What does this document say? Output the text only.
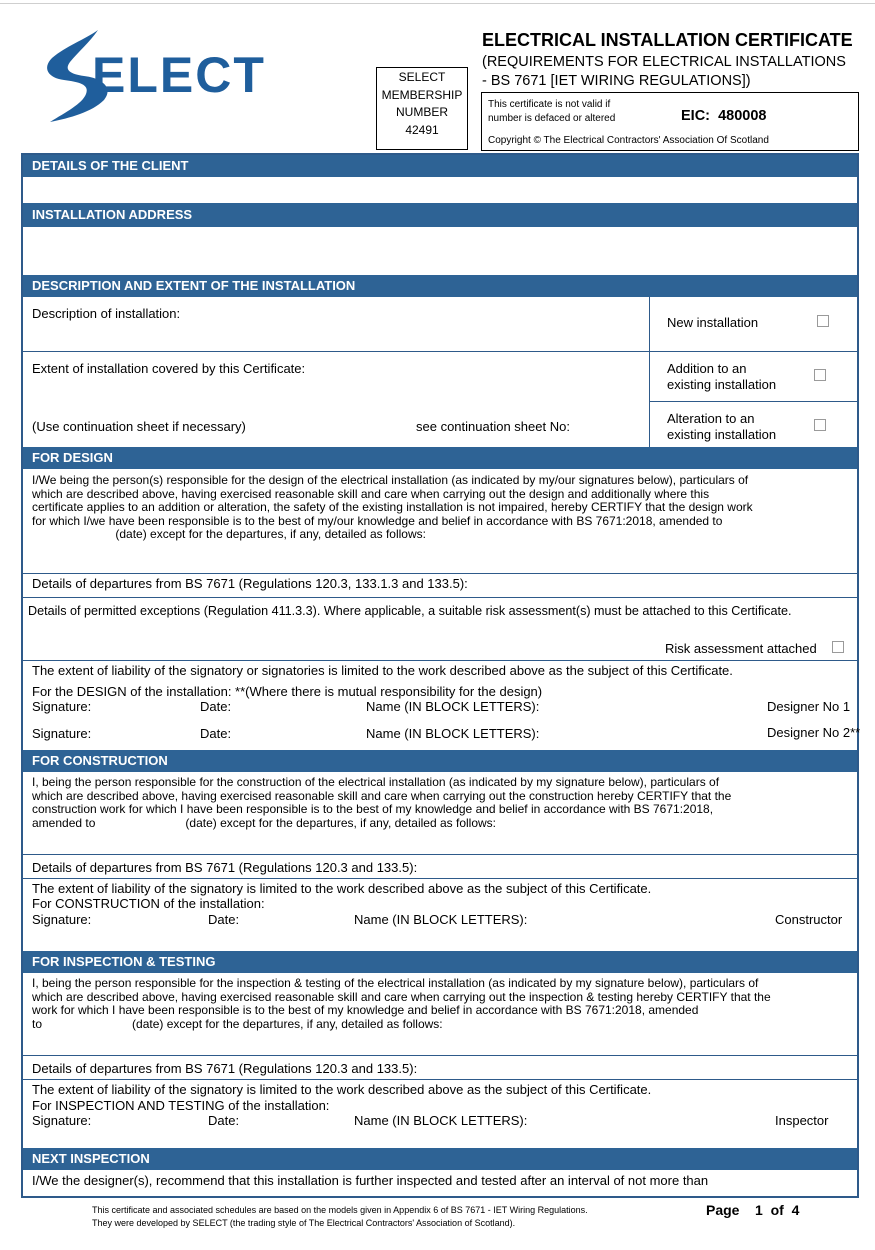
ELECT	SELECT
MEMBERSHIP
NUMBER
42491
ELECTRICAL INSTALLATION CERTIFICATE
(REQUIREMENTS FOR ELECTRICAL INSTALLATIONS
- BS 7671 [IET WIRING REGULATIONS])
This certificate is not valid if number is defaced or altered	EIC: 480008
Copyright © The Electrical Contractors' Association Of Scotland
DETAILS OF THE CLIENT
INSTALLATION ADDRESS
DESCRIPTION AND EXTENT OF THE INSTALLATION
Description of installation:
Extent of installation covered by this Certificate:
(Use continuation sheet if necessary)	see continuation sheet No:
New installation
Addition to an
existing installation
Alteration to an
existing installation
FOR DESIGN
I/We being the person(s) responsible for the design of the electrical installation (as indicated by my/our signatures below), particulars of
which are described above, having exercised reasonable skill and care when carrying out the design and additionally where this
certificate applies to an addition or alteration, the safety of the existing installation is not impaired, hereby CERTIFY that the design work
for which I/we have been responsible is to the best of my/our knowledge and belief in accordance with BS 7671:2018, amended to
(date) except for the departures, if any, detailed as follows:
Details of departures from BS 7671 (Regulations 120.3, 133.1.3 and 133.5):
Details of permitted exceptions (Regulation 411.3.3). Where applicable, a suitable risk assessment(s) must be attached to this Certificate.
Risk assessment attached
The extent of liability of the signatory or signatories is limited to the work described above as the subject of this Certificate.
For the DESIGN of the installation: **(Where there is mutual responsibility for the design)
Signature:	Date:	Name (IN BLOCK LETTERS):	Designer No 1
Signature:	Date:	Name (IN BLOCK LETTERS):	Designer No 2**
FOR CONSTRUCTION
I, being the person responsible for the construction of the electrical installation (as indicated by my signature below), particulars of
which are described above, having exercised reasonable skill and care when carrying out the construction hereby CERTIFY that the
construction work for which I have been responsible is to the best of my knowledge and belief in accordance with BS 7671:2018,
amended to                           (date) except for the departures, if any, detailed as follows:
Details of departures from BS 7671 (Regulations 120.3 and 133.5):
The extent of liability of the signatory is limited to the work described above as the subject of this Certificate.
For CONSTRUCTION of the installation:
Signature:	Date:	Name (IN BLOCK LETTERS):	Constructor
FOR INSPECTION & TESTING
I, being the person responsible for the inspection & testing of the electrical installation (as indicated by my signature below), particulars of
which are described above, having exercised reasonable skill and care when carrying out the inspection & testing hereby CERTIFY that the
work for which I have been responsible is to the best of my knowledge and belief in accordance with BS 7671:2018, amended
to                           (date) except for the departures, if any, detailed as follows:
Details of departures from BS 7671 (Regulations 120.3 and 133.5):
The extent of liability of the signatory is limited to the work described above as the subject of this Certificate.
For INSPECTION AND TESTING of the installation:
Signature:	Date:	Name (IN BLOCK LETTERS):	Inspector
NEXT INSPECTION
I/We the designer(s), recommend that this installation is further inspected and tested after an interval of not more than
This certificate and associated schedules are based on the models given in Appendix 6 of BS 7671 - IET Wiring Regulations.
They were developed by SELECT (the trading style of The Electrical Contractors' Association of Scotland).
Page 1 of 4
